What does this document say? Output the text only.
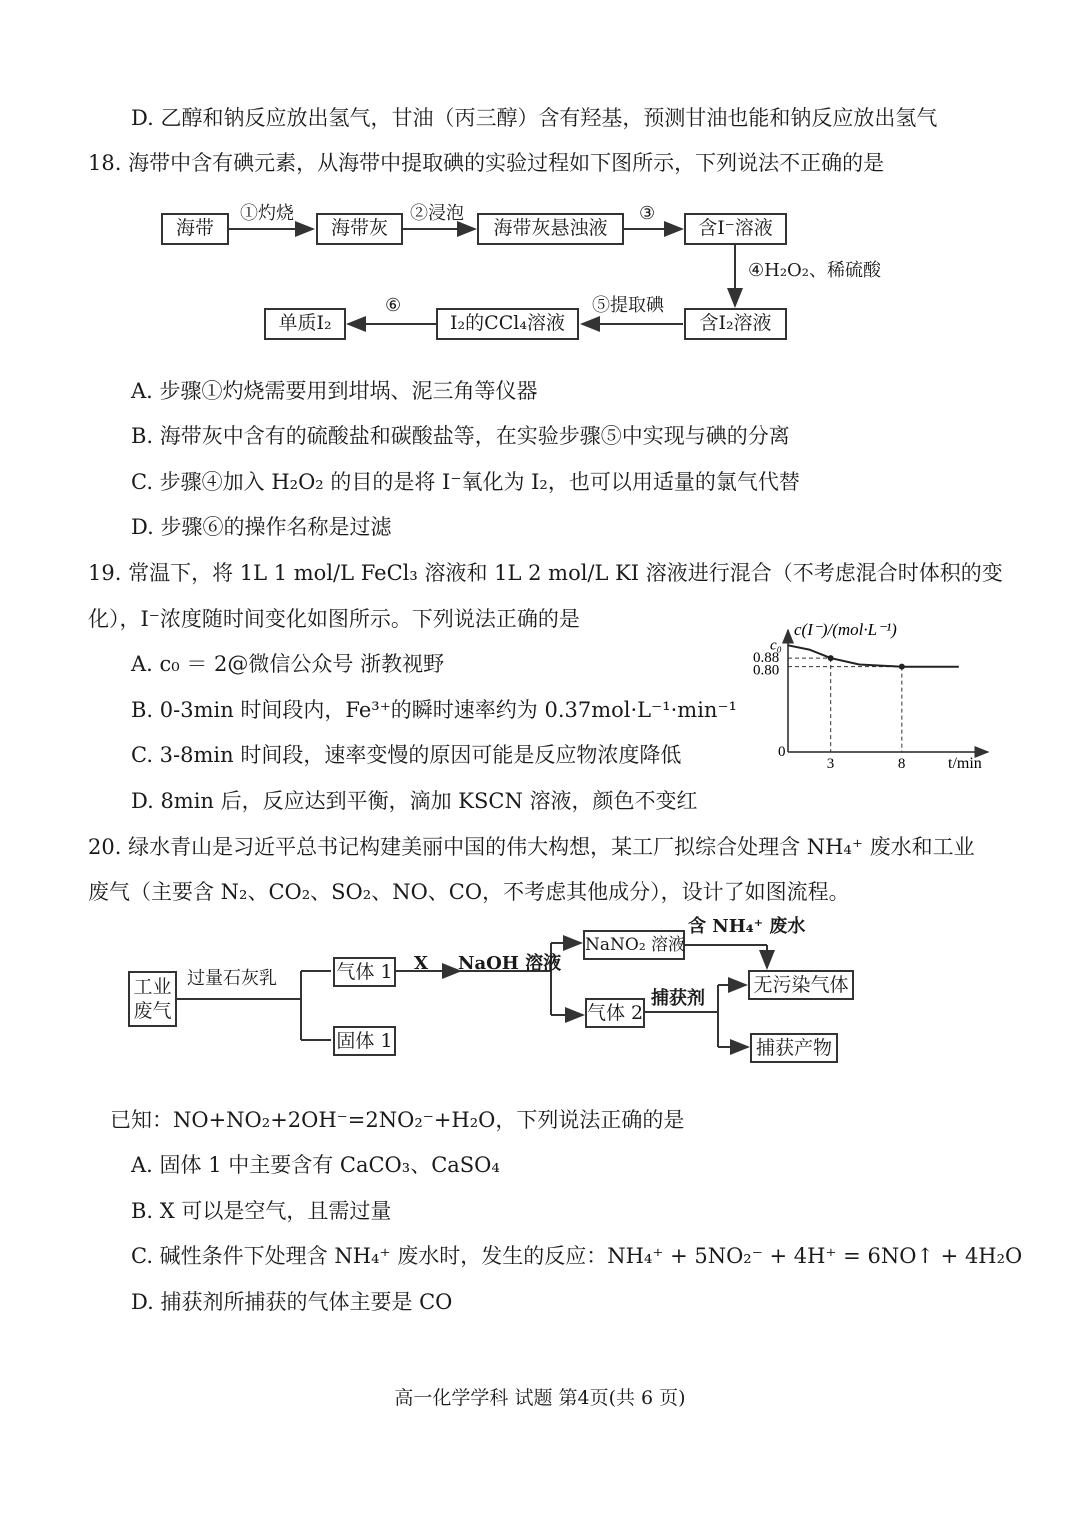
D. 乙醇和钠反应放出氢气，甘油（丙三醇）含有羟基，预测甘油也能和钠反应放出氢气
18. 海带中含有碘元素，从海带中提取碘的实验过程如下图所示，下列说法不正确的是
海带	海带灰	海带灰悬浊液	含I⁻溶液
含I₂溶液
I₂的CCl₄溶液
单质I₂
①灼烧	②浸泡	③
④H₂O₂、稀硫酸
⑤提取碘
⑥
A. 步骤①灼烧需要用到坩埚、泥三角等仪器
B. 海带灰中含有的硫酸盐和碳酸盐等，在实验步骤⑤中实现与碘的分离
C. 步骤④加入 H₂O₂ 的目的是将 I⁻氧化为 I₂，也可以用适量的氯气代替
D. 步骤⑥的操作名称是过滤
19. 常温下，将 1L 1 mol/L FeCl₃ 溶液和 1L 2 mol/L KI 溶液进行混合（不考虑混合时体积的变
化），I⁻浓度随时间变化如图所示。下列说法正确的是
A. c₀ ＝ 2@微信公众号 浙教视野
B. 0-3min 时间段内，Fe³⁺的瞬时速率约为 0.37mol·L⁻¹·min⁻¹
C. 3-8min 时间段，速率变慢的原因可能是反应物浓度降低
D. 8min 后，反应达到平衡，滴加 KSCN 溶液，颜色不变红
c(I⁻)/(mol·L⁻¹)
t/min
0
3	8
c₀
0.88
0.80
20. 绿水青山是习近平总书记构建美丽中国的伟大构想，某工厂拟综合处理含 NH₄⁺ 废水和工业
废气（主要含 N₂、CO₂、SO₂、NO、CO，不考虑其他成分），设计了如图流程。
工业
废气
过量石灰乳	气体 1
固体 1
X NaOH 溶液
NaNO₂ 溶液
含 NH₄⁺ 废水
无污染气体
气体 2
捕获剂
捕获产物
已知：NO+NO₂+2OH⁻=2NO₂⁻+H₂O，下列说法正确的是
A. 固体 1 中主要含有 CaCO₃、CaSO₄
B. X 可以是空气，且需过量
C. 碱性条件下处理含 NH₄⁺ 废水时，发生的反应：NH₄⁺ + 5NO₂⁻ + 4H⁺ = 6NO↑ + 4H₂O
D. 捕获剂所捕获的气体主要是 CO
高一化学学科 试题 第4页(共 6 页)
